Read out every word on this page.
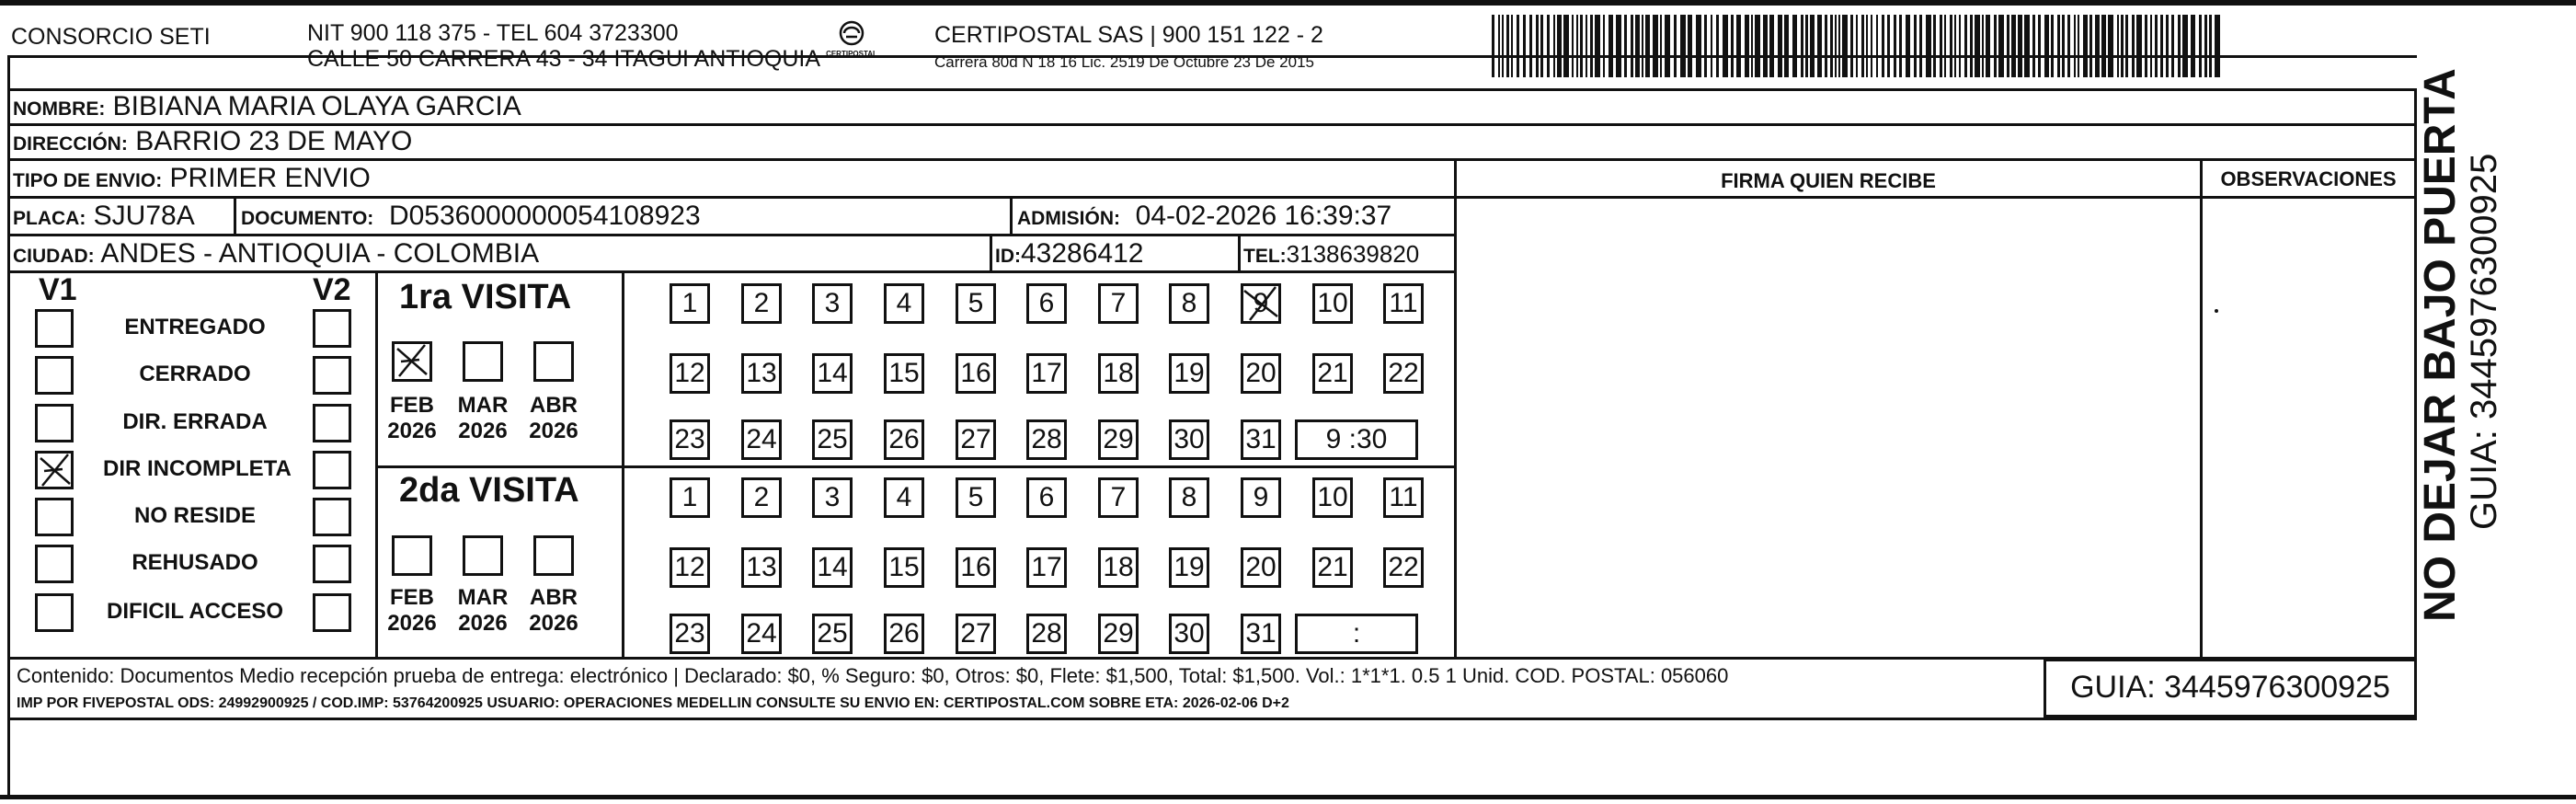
CONSORCIO SETI	NIT 900 118 375 - TEL 604 3723300
CALLE 50 CARRERA 43 - 34 ITAGUI ANTIOQUIA CERTIPOSTAL
CERTIPOSTAL SAS | 900 151 122 - 2
Carrera 80d N 18 16 Lic. 2519 De Octubre 23 De 2015
NOMBRE: BIBIANA MARIA OLAYA GARCIA
DIRECCIÓN: BARRIO 23 DE MAYO
TIPO DE ENVIO: PRIMER ENVIO
PLACA: SJU78A DOCUMENTO: D0536000000054108923	ADMISIÓN: 04-02-2026 16:39:37
CIUDAD: ANDES - ANTIOQUIA - COLOMBIA	ID:43286412	TEL:3138639820
FIRMA QUIEN RECIBE	OBSERVACIONES
V1	V2
ENTREGADO
CERRADO
DIR. ERRADA
DIR INCOMPLETA
NO RESIDE
REHUSADO
DIFICIL ACCESO
1ra VISITA
2da VISITA
FEB
2026
MAR
2026
ABR
2026
FEB
2026
MAR
2026
ABR
2026
1	2	3	4	5	6	7	8	9	10 11
12 13 14 15 16 17 18 19 20 21 22
23 24 25 26 27 28 29 30 31	9 :30
1	2	3	4	5	6	7	8	9	10 11
12 13 14 15 16 17 18 19 20 21 22
23 24 25 26 27 28 29 30 31	:
Contenido: Documentos Medio recepción prueba de entrega: electrónico | Declarado: $0, % Seguro: $0, Otros: $0, Flete: $1,500, Total: $1,500. Vol.: 1*1*1. 0.5 1 Unid. COD. POSTAL: 056060
IMP POR FIVEPOSTAL ODS: 24992900925 / COD.IMP: 53764200925 USUARIO: OPERACIONES MEDELLIN CONSULTE SU ENVIO EN: CERTIPOSTAL.COM SOBRE ETA: 2026-02-06 D+2	GUIA: 3445976300925
NO DEJAR BAJO PUERTA GUIA: 3445976300925
